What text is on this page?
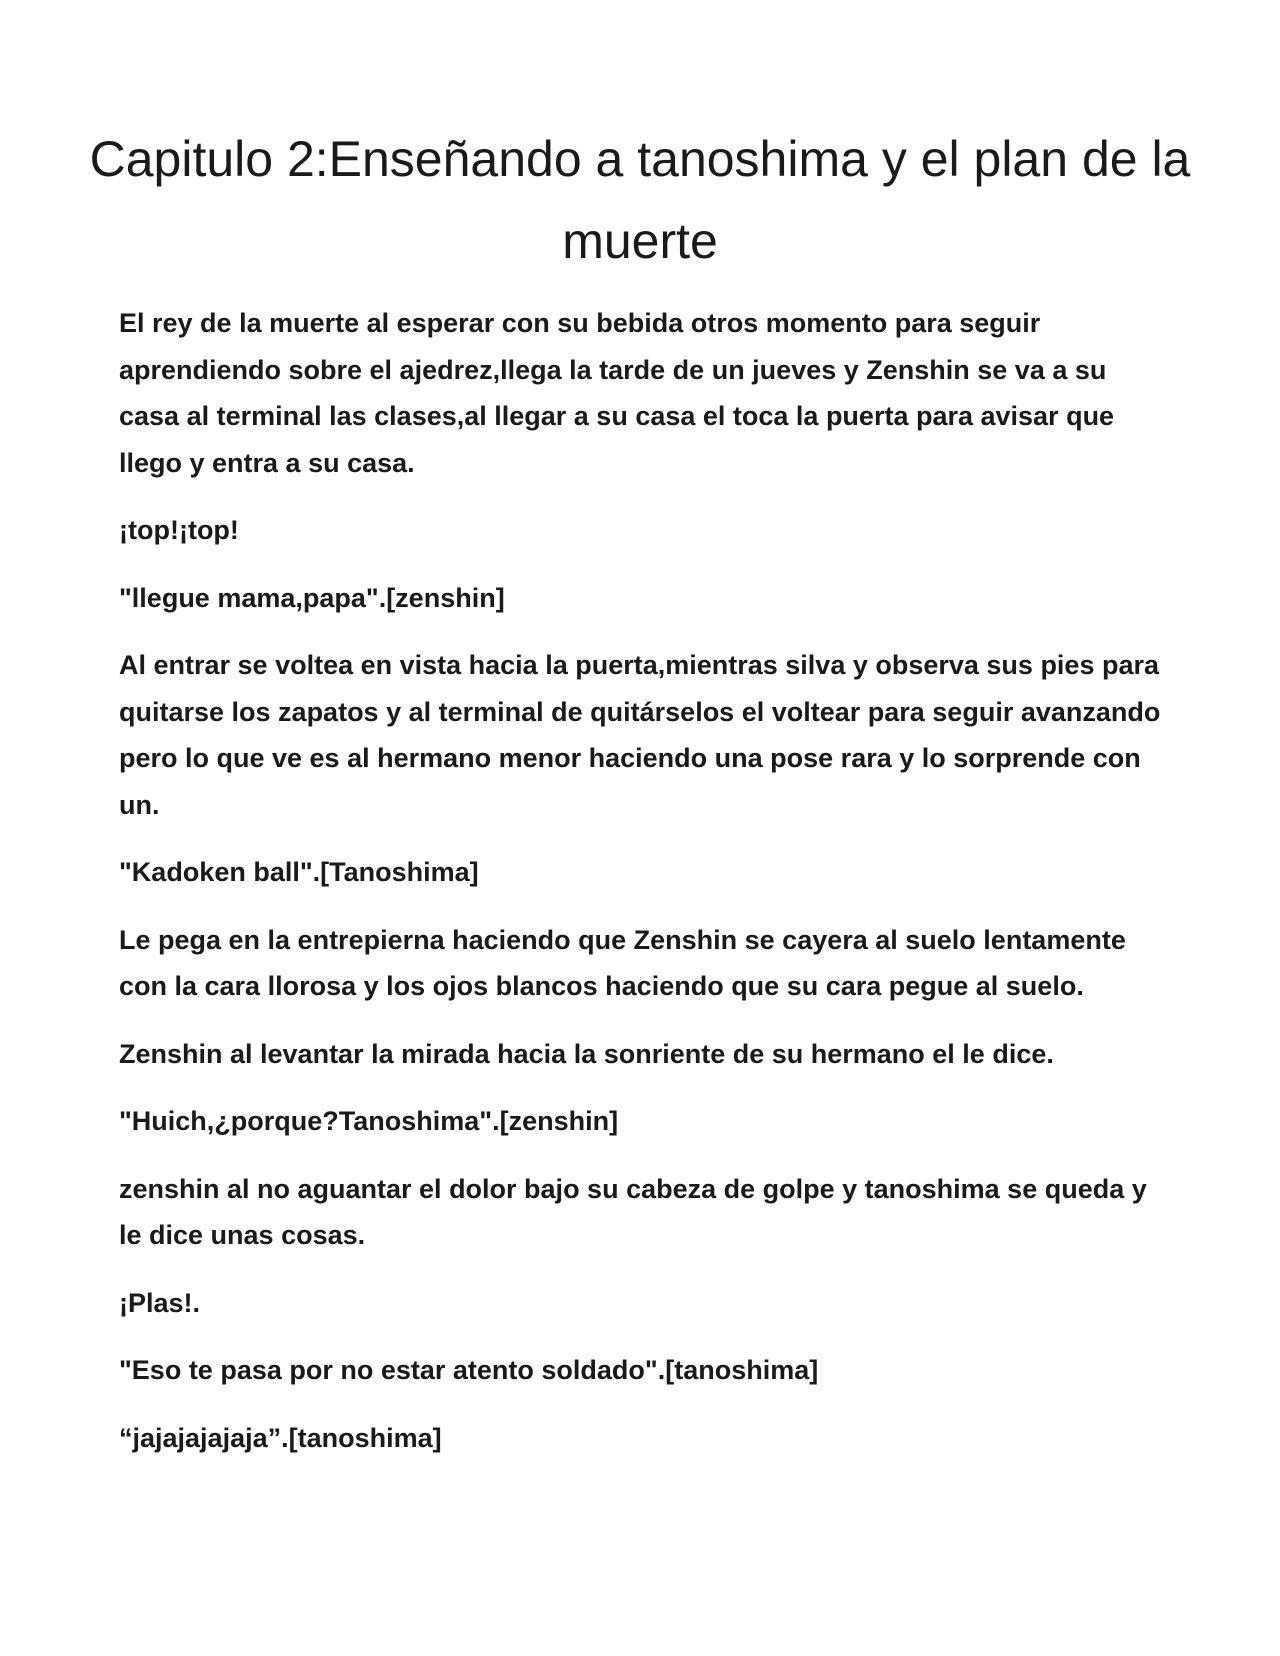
Capitulo 2:Enseñando a tanoshima y el plan de la muerte

El rey de la muerte al esperar con su bebida otros momento para seguir aprendiendo sobre el ajedrez,llega la tarde de un jueves y Zenshin se va a su casa al terminal las clases,al llegar a su casa el toca la puerta para avisar que llego y entra a su casa.

¡top!¡top!

"llegue mama,papa".[zenshin]

Al entrar se voltea en vista hacia la puerta,mientras silva y observa sus pies para quitarse los zapatos y al terminal de quitárselos el voltear para seguir avanzando pero lo que ve es al hermano menor haciendo una pose rara y lo sorprende con un.

"Kadoken ball".[Tanoshima]

Le pega en la entrepierna haciendo que Zenshin se cayera al suelo lentamente con la cara llorosa y los ojos blancos haciendo que su cara pegue al suelo.

Zenshin al levantar la mirada hacia la sonriente de su hermano el le dice.

"Huich,¿porque?Tanoshima".[zenshin]

zenshin al no aguantar el dolor bajo su cabeza de golpe y tanoshima se queda y le dice unas cosas.

¡Plas!.

"Eso te pasa por no estar atento soldado".[tanoshima]

“jajajajajaja”.[tanoshima]
